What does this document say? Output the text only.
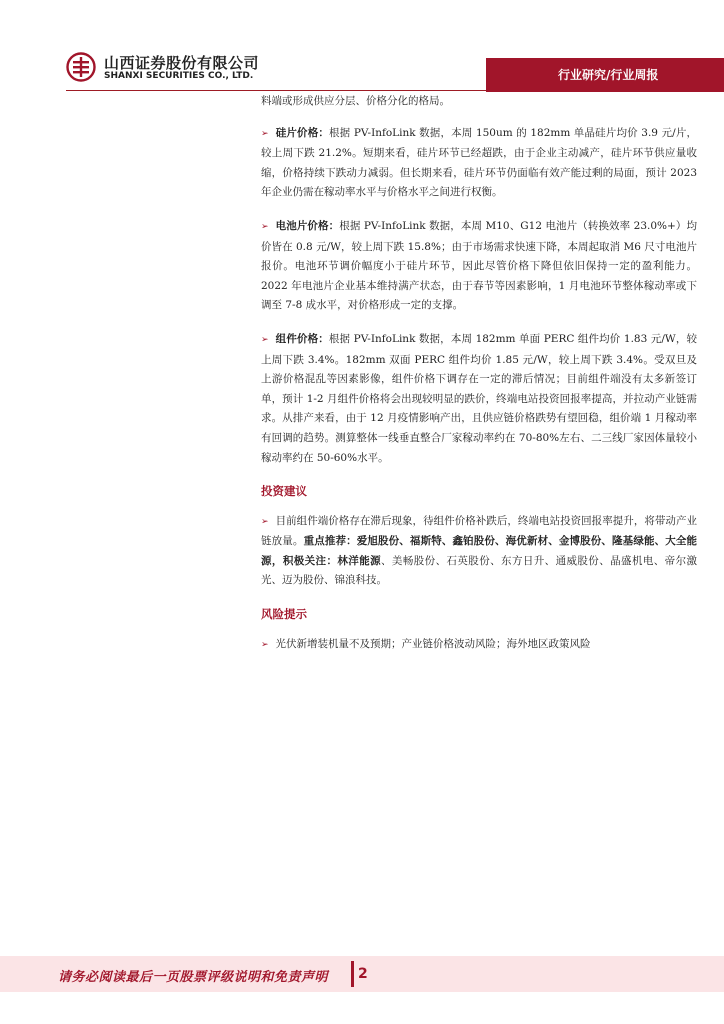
山西证券股份有限公司
SHANXI SECURITIES CO., LTD.	行业研究/行业周报

料端或形成供应分层、价格分化的格局。

➢ 硅片价格：根据 PV-InfoLink 数据，本周 150um 的 182mm 单晶硅片均价 3.9 元/片，较上周下跌 21.2%。短期来看，硅片环节已经超跌，由于企业主动减产，硅片环节供应量收缩，价格持续下跌动力减弱。但长期来看，硅片环节仍面临有效产能过剩的局面，预计 2023 年企业仍需在稼动率水平与价格水平之间进行权衡。

➢ 电池片价格：根据 PV-InfoLink 数据，本周 M10、G12 电池片（转换效率 23.0%+）均价皆在 0.8 元/W，较上周下跌 15.8%；由于市场需求快速下降，本周起取消 M6 尺寸电池片报价。电池环节调价幅度小于硅片环节，因此尽管价格下降但依旧保持一定的盈利能力。2022 年电池片企业基本维持满产状态，由于春节等因素影响，1 月电池环节整体稼动率或下调至 7-8 成水平，对价格形成一定的支撑。

➢ 组件价格：根据 PV-InfoLink 数据，本周 182mm 单面 PERC 组件均价 1.83 元/W，较上周下跌 3.4%。182mm 双面 PERC 组件均价 1.85 元/W，较上周下跌 3.4%。受双旦及上游价格混乱等因素影像，组件价格下调存在一定的滞后情况；目前组件端没有太多新签订单，预计 1-2 月组件价格将会出现较明显的跌价，终端电站投资回报率提高，并拉动产业链需求。从排产来看，由于 12 月疫情影响产出，且供应链价格跌势有望回稳，组价端 1 月稼动率有回调的趋势。测算整体一线垂直整合厂家稼动率约在 70-80%左右、二三线厂家因体量较小稼动率约在 50-60%水平。

投资建议

➢ 目前组件端价格存在滞后现象，待组件价格补跌后，终端电站投资回报率提升，将带动产业链放量。重点推荐：爱旭股份、福斯特、鑫铂股份、海优新材、金博股份、隆基绿能、大全能源，积极关注：林洋能源、美畅股份、石英股份、东方日升、通威股份、晶盛机电、帝尔激光、迈为股份、锦浪科技。

风险提示

➢ 光伏新增装机量不及预期；产业链价格波动风险；海外地区政策风险

请务必阅读最后一页股票评级说明和免责声明	2
